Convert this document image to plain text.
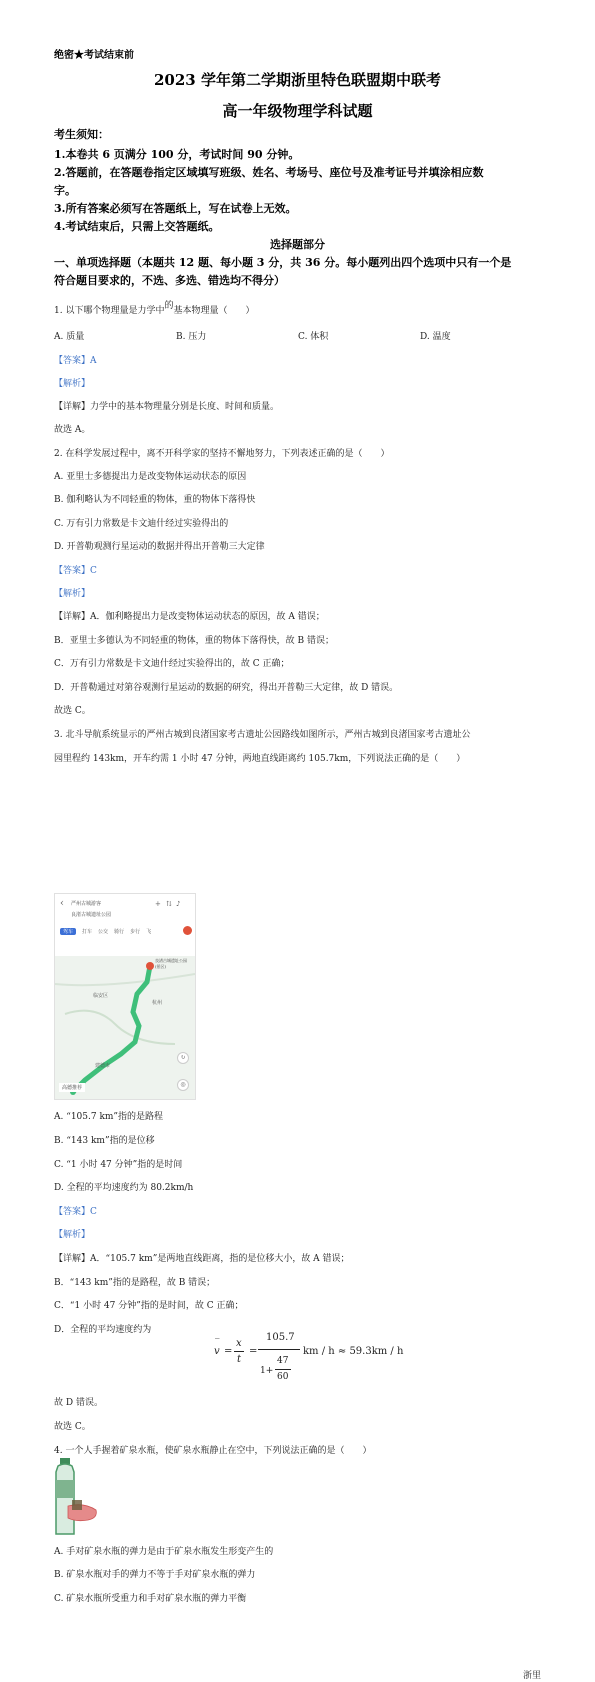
绝密★考试结束前
2023 学年第二学期浙里特色联盟期中联考
高一年级物理学科试题
考生须知：
1.本卷共 6 页满分 100 分，考试时间 90 分钟。
2.答题前，在答题卷指定区域填写班级、姓名、考场号、座位号及准考证号并填涂相应数
字。
3.所有答案必须写在答题纸上，写在试卷上无效。
4.考试结束后，只需上交答题纸。
选择题部分
一、单项选择题（本题共 12 题、每小题 3 分，共 36 分。每小题列出四个选项中只有一个是
符合题目要求的，不选、多选、错选均不得分）
1. 以下哪个物理量是力学中的基本物理量（　　）
A. 质量	B. 压力	C. 体积	D. 温度
【答案】A
【解析】
【详解】力学中的基本物理量分别是长度、时间和质量。
故选 A。
2. 在科学发展过程中，离不开科学家的坚持不懈地努力，下列表述正确的是（　　）
A. 亚里士多德提出力是改变物体运动状态的原因
B. 伽利略认为不同轻重的物体，重的物体下落得快
C. 万有引力常数是卡文迪什经过实验得出的
D. 开普勒观测行星运动的数据并得出开普勒三大定律
【答案】C
【解析】
【详解】A．伽利略提出力是改变物体运动状态的原因，故 A 错误；
B．亚里士多德认为不同轻重的物体，重的物体下落得快，故 B 错误；
C．万有引力常数是卡文迪什经过实验得出的，故 C 正确；
D．开普勒通过对第谷观测行星运动的数据的研究，得出开普勒三大定律，故 D 错误。
故选 C。
3. 北斗导航系统显示的严州古城到良渚国家考古遗址公园路线如图所示，严州古城到良渚国家考古遗址公
园里程约 143km，开车约需 1 小时 47 分钟，两地直线距离约 105.7km，下列说法正确的是（　　）
‹ 严州古城游客
良渚古城遗址公园
+ ⇅ ♪
驾车	打车 公交 骑行 步行 飞
良渚古城遗址公园(景区)
临安区
杭州
建德市
↻
◎
高德推荐
A. “105.7 km”指的是路程
B. “143 km”指的是位移
C. “1 小时 47 分钟”指的是时间
D. 全程的平均速度约为 80.2km/h
【答案】C
【解析】
【详解】A．“105.7 km”是两地直线距离，指的是位移大小，故 A 错误；
B．“143 km”指的是路程，故 B 错误；
C．“1 小时 47 分钟”指的是时间，故 C 正确；
D．全程的平均速度约为
v
‾
=
x
t
=
105.7
1+
47
60
km / h ≈ 59.3km / h
故 D 错误。
故选 C。
4. 一个人手握着矿泉水瓶，使矿泉水瓶静止在空中，下列说法正确的是（　　）
A. 手对矿泉水瓶的弹力是由于矿泉水瓶发生形变产生的
B. 矿泉水瓶对手的弹力不等于手对矿泉水瓶的弹力
C. 矿泉水瓶所受重力和手对矿泉水瓶的弹力平衡
浙里
